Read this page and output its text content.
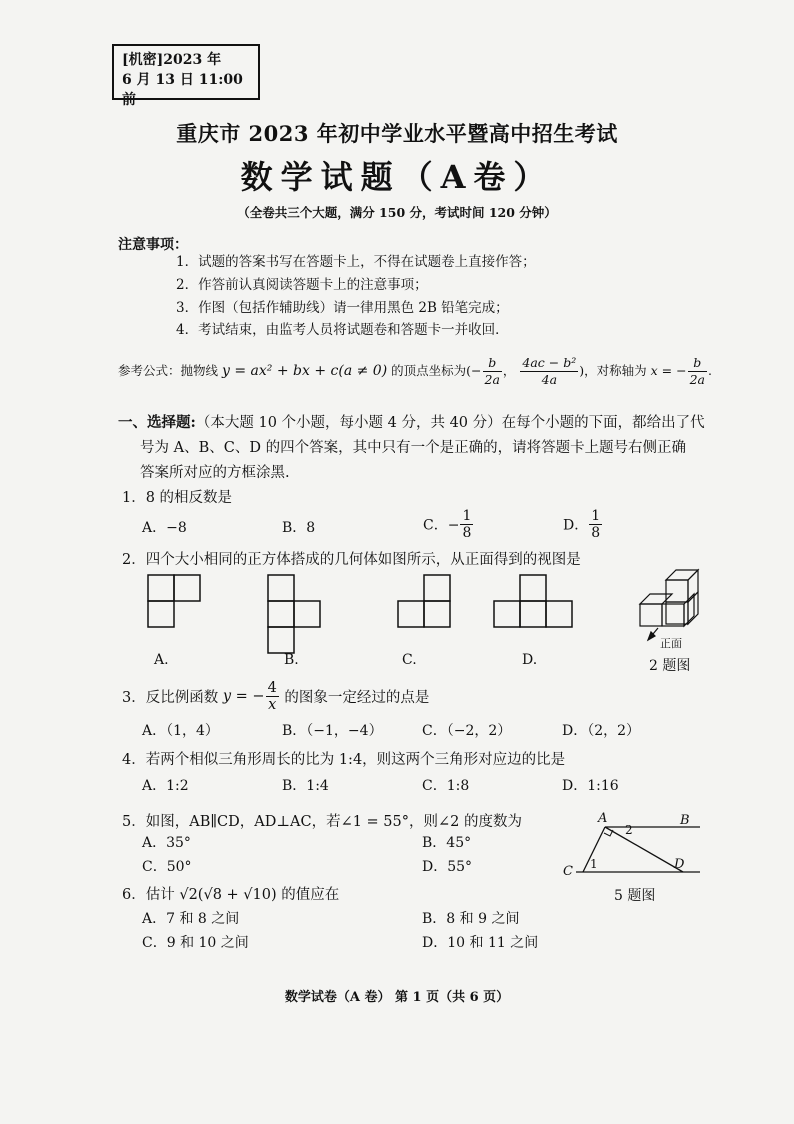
[机密]2023 年
6 月 13 日 11:00 前
重庆市 2023 年初中学业水平暨高中招生考试
数学试题（A卷）
（全卷共三个大题，满分 150 分，考试时间 120 分钟）
注意事项：
1．试题的答案书写在答题卡上，不得在试题卷上直接作答；
2．作答前认真阅读答题卡上的注意事项；
3．作图（包括作辅助线）请一律用黑色 2B 铅笔完成；
4．考试结束，由监考人员将试题卷和答题卡一并收回．
参考公式：抛物线 y = ax² + bx + c(a ≠ 0) 的顶点坐标为(− $\frac{b}{2a}$ ， $\frac{\text{4ac − b²}}{4a}$ )，对称轴为 x = − $\frac{b}{2a}$ .
一、选择题:（本大题 10 个小题，每小题 4 分，共 40 分）在每个小题的下面，都给出了代
号为 A、B、C、D 的四个答案，其中只有一个是正确的，请将答题卡上题号右侧正确
答案所对应的方框涂黑.
1．8 的相反数是
A．−8	B．8	C．− $\frac{1}{8}$	D． $\frac{1}{8}$
2．四个大小相同的正方体搭成的几何体如图所示，从正面得到的视图是
A.	B.	C.	D.
正面
2 题图
3．反比例函数 y = − $\frac{4}{x}$ 的图象一定经过的点是
A．（1，4）	B．（−1，−4）	C．（−2，2）	D．（2，2）
4．若两个相似三角形周长的比为 1:4，则这两个三角形对应边的比是
A．1:2	B．1:4	C．1:8	D．1:16
5．如图，AB∥CD，AD⊥AC，若∠1 = 55°，则∠2 的度数为
A．35°	B．45°
C．50°	D．55°
A	B
C	D
1
2
5 题图
6．估计 √2(√8 + √10) 的值应在
A．7 和 8 之间	B．8 和 9 之间
C．9 和 10 之间	D．10 和 11 之间
数学试卷（A 卷） 第 1 页（共 6 页）
